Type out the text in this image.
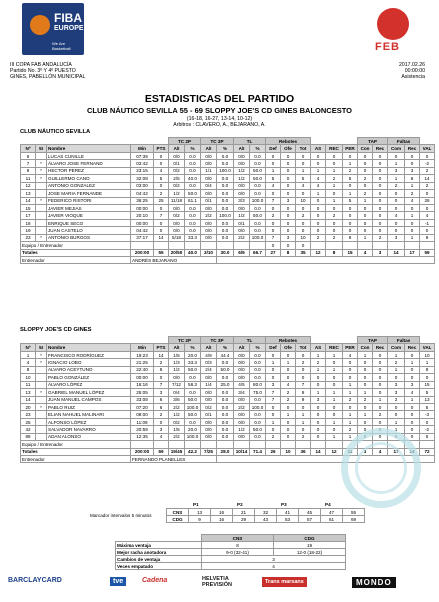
FIBA
EUROPE
We Are Basketball	FEB
III COPA FAB ANDALUCÍA
Partido No. 3º Y 4º PUESTO
GINES, PABELLÓN MUNICIPAL
2017.02.26
00:00:00
Asistencia
ESTADISTICAS DEL PARTIDO
CLUB NÁUTICO SEVILLA 55 - 69 SLOPPY JOE'S CD GINES BALONCESTO
(16-18, 16-27, 13-14, 10-12)
Arbitros : CLAVERO, A., BEJARANO, A.
CLUB NÁUTICO SEVILLA
					TC 2P		TC 3P		TL		Rebotes						TAP		Faltas		
Nº	5I	Nombre	Min	PTS	A/I	%	A/I	%	A/I	%	Def	Ofe	Tot	AS	REC	PER	Con	Rec	Com	Rec	VAL
6		LUCAS CUNILLE	07:39	0	0/0	0.0	0/0	0.0	0/0	0.0	0	0	0	0	0	0	0	0	0	0	0
7	*	ÁLVARO JOSE FERNAND	03:42	0	0/1	0.0	0/0	0.0	0/0	0.0	0	0	0	0	0	1	0	0	1	0	-2
9	*	HECTOR PEREZ	23:15	4	0/2	0.0	1/1	100.0	1/2	50.0	1	0	1	1	1	2	0	0	3	3	2
11	*	GUILLERMO CANO	32:08	5	2/5	40.0	0/0	0.0	1/2	50.0	5	0	5	4	2	5	2	0	1	6	14
12		ANTONIO GONZALEZ	03:00	0	0/2	0.0	0/4	0.0	0/0	0.0	4	0	4	4	1	0	0	0	2	1	2
13		JOSE MARIA FERNANDE	04:42	2	1/2	50.0	0/0	0.0	0/0	0.0	0	0	0	1	0	1	2	0	0	2	0
14	*	FEDERICO RISTORI	36:25	25	11/18	61.1	0/1	0.0	3/3	100.0	7	3	10	0	1	5	1	0	0	4	26
15		JAVIER MEJIAS	00:00	0	0/0	0.0	0/0	0.0	0/0	0.0	0	0	0	0	0	0	0	0	0	0	0
17		JAVIER VIOQUE	20:10	7	0/2	0.0	2/2	100.0	1/2	50.0	2	0	2	0	2	0	0	0	4	1	4
18		ENRIQUE SECO	00:00	0	0/0	0.0	0/0	0.0	0/1	0.0	0	0	0	0	0	0	0	0	0	0	-1
19		JUAN CASTELO	04:42	0	0/0	0.0	0/0	0.0	0/0	0.0	0	0	0	0	0	0	0	0	0	0	0
23	*	ANTONIO BURGOS	37:17	14	5/18	33.3	0/0	0.0	2/2	100.0	7	3	10	2	2	8	1	2	3	1	9
Equipo / Entrenador											0	0	0								
Totales			200:00	55	20/50	40.0	3/10	30.0	6/9	66.7	27	8	35	12	8	15	4	3	14	17	59
Entrenador			ANDRÉS BEJARANO																		
SLOPPY JOE'S CD GINES
					TC 2P		TC 3P		TL		Rebotes						TAP		Faltas		
Nº	5I	Nombre	Min	PTS	A/I	%	A/I	%	A/I	%	Def	Ofe	Tot	AS	REC	PER	Con	Rec	Com	Rec	VAL
1	*	FRANCISCO RODRÍGUEZ	19:23	14	1/5	20.0	4/9	44.4	0/0	0.0	0	0	0	1	1	4	1	0	1	0	10
4	*	IGNACIO LOBO	21:25	2	1/3	33.3	0/3	0.0	0/0	0.0	1	1	2	2	0	0	0	0	2	1	1
8		ALVARO ACEYTUNO	22:40	8	1/2	50.0	2/4	50.0	0/0	0.0	0	0	0	1	1	0	0	0	1	0	8
10		PABLO GONZÁLEZ	00:00	0	0/0	0.0	0/0	0.0	0/0	0.0	0	0	0	0	0	0	0	0	0	0	0
11		ÁLVARO LÓPEZ	16:16	7	7/12	58.3	1/4	25.0	4/5	80.0	3	4	7	0	0	1	0	0	3	3	15
13	*	GABRIEL MANUEL LÓPEZ	25:05	3	0/4	0.0	0/0	0.0	3/4	75.0	7	2	9	1	1	1	1	0	3	4	5
14		JUAN MANUEL CAMPOS	33:08	6	3/6	50.0	0/0	0.0	0/0	0.0	7	2	9	3	1	2	2	1	2	1	13
20	*	PABLO RUIZ	07:20	6	2/2	100.0	0/2	0.0	2/2	100.0	0	0	0	0	0	0	0	0	0	0	5
23		ELIAN NAHUEL MALINARI	08:00	2	1/2	50.0	0/1	0.0	0/0	0.0	0	1	1	0	0	1	1	2	0	0	-3
25		ALFONSO LÓPEZ	11:09	0	0/2	0.0	0/0	0.0	0/0	0.0	1	0	1	0	1	1	0	0	1	0	0
42		SALVADOR NAVARRO	20:59	3	1/5	20.0	0/0	0.0	1/2	50.0	0	0	0	0	0	2	0	0	1	0	-2
88		ADAN ALONSO	12:35	4	2/2	100.0	0/0	0.0	0/0	0.0	2	0	2	0	1	1	0	0	0	0	5
Equipo / Entrenador																					
Totales			200:00	69	19/45	42.2	7/25	28.0	10/14	71.4	26	10	36	14	12	11	3	4	17	14	72
Entrenador			FERNANDO PLANELLES																		
P1	P2	P3	P4
Marcador intervalos 5 minutos
CNS	13	16	21	32	41	45	47	55
CDG	9	16	29	43	53	57	61	69
	CNS	CDG
Máxima ventaja	8	19
Mejor racha anotadora	9-0 (32-41)	12-0 (18-22)
Cambios de ventaja	3	
Veces empatado	4	
BARCLAYCARD	tve	Cadena	HELVETIA PREVISIÓN	Trans marsans	MONDO
